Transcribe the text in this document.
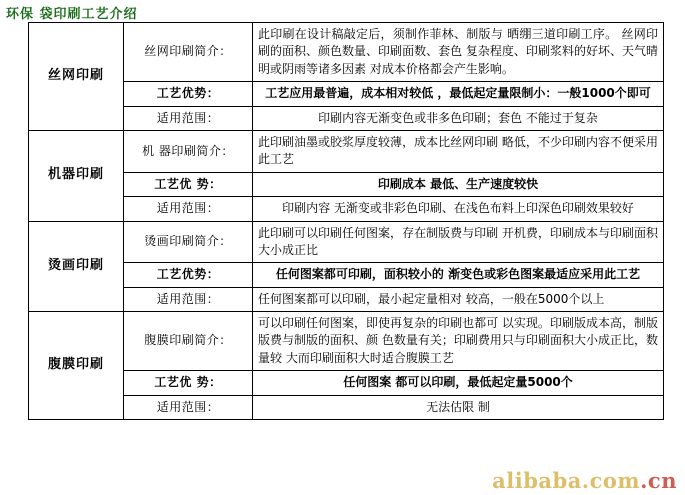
环保 袋印刷工艺介绍
丝网印刷	丝网印刷简介：	此印刷在设计稿敲定后，须制作菲林、制版与 晒绷三道印刷工序。 丝网印刷的面积、颜色数量、印刷面数、套色 复杂程度、印刷浆料的好坏、天气晴明或阴雨等诸多因素 对成本价格都会产生影响。
	工艺优势：	工艺应用最普遍，成本相对较低 ，最低起定量限制小：一般1000个即可
	适用范围：	印刷内容无渐变色或非多色印刷；套色 不能过于复杂
机器印刷	机 器印刷简介：	此印刷油墨或胶浆厚度较薄，成本比丝网印刷 略低，不少印刷内容不便采用此工艺
	工艺优 势：	印刷成本 最低、生产速度较快
	适用范围：	印刷内容 无渐变或非彩色印刷、在浅色布料上印深色印刷效果较好
烫画印刷	烫画印刷简介：	此印刷可以印刷任何图案，存在制版费与印刷 开机费，印刷成本与印刷面积大小成正比
	工艺优势：	任何图案都可印刷，面积较小的 渐变色或彩色图案最适应采用此工艺
	适用范围：	任何图案都可以印刷，最小起定量相对 较高，一般在5000个以上
腹膜印刷	腹膜印刷简介：	可以印刷任何图案，即使再复杂的印刷也都可 以实现。印刷版成本高，制版版费与制版的面积、颜 色数量有关；印刷费用只与印刷面积大小成正比，数量较 大而印刷面积大时适合腹膜工艺
	工艺优 势：	任何图案 都可以印刷，最低起定量5000个
	适用范围：	无法估限 制
alibaba.com.cn
